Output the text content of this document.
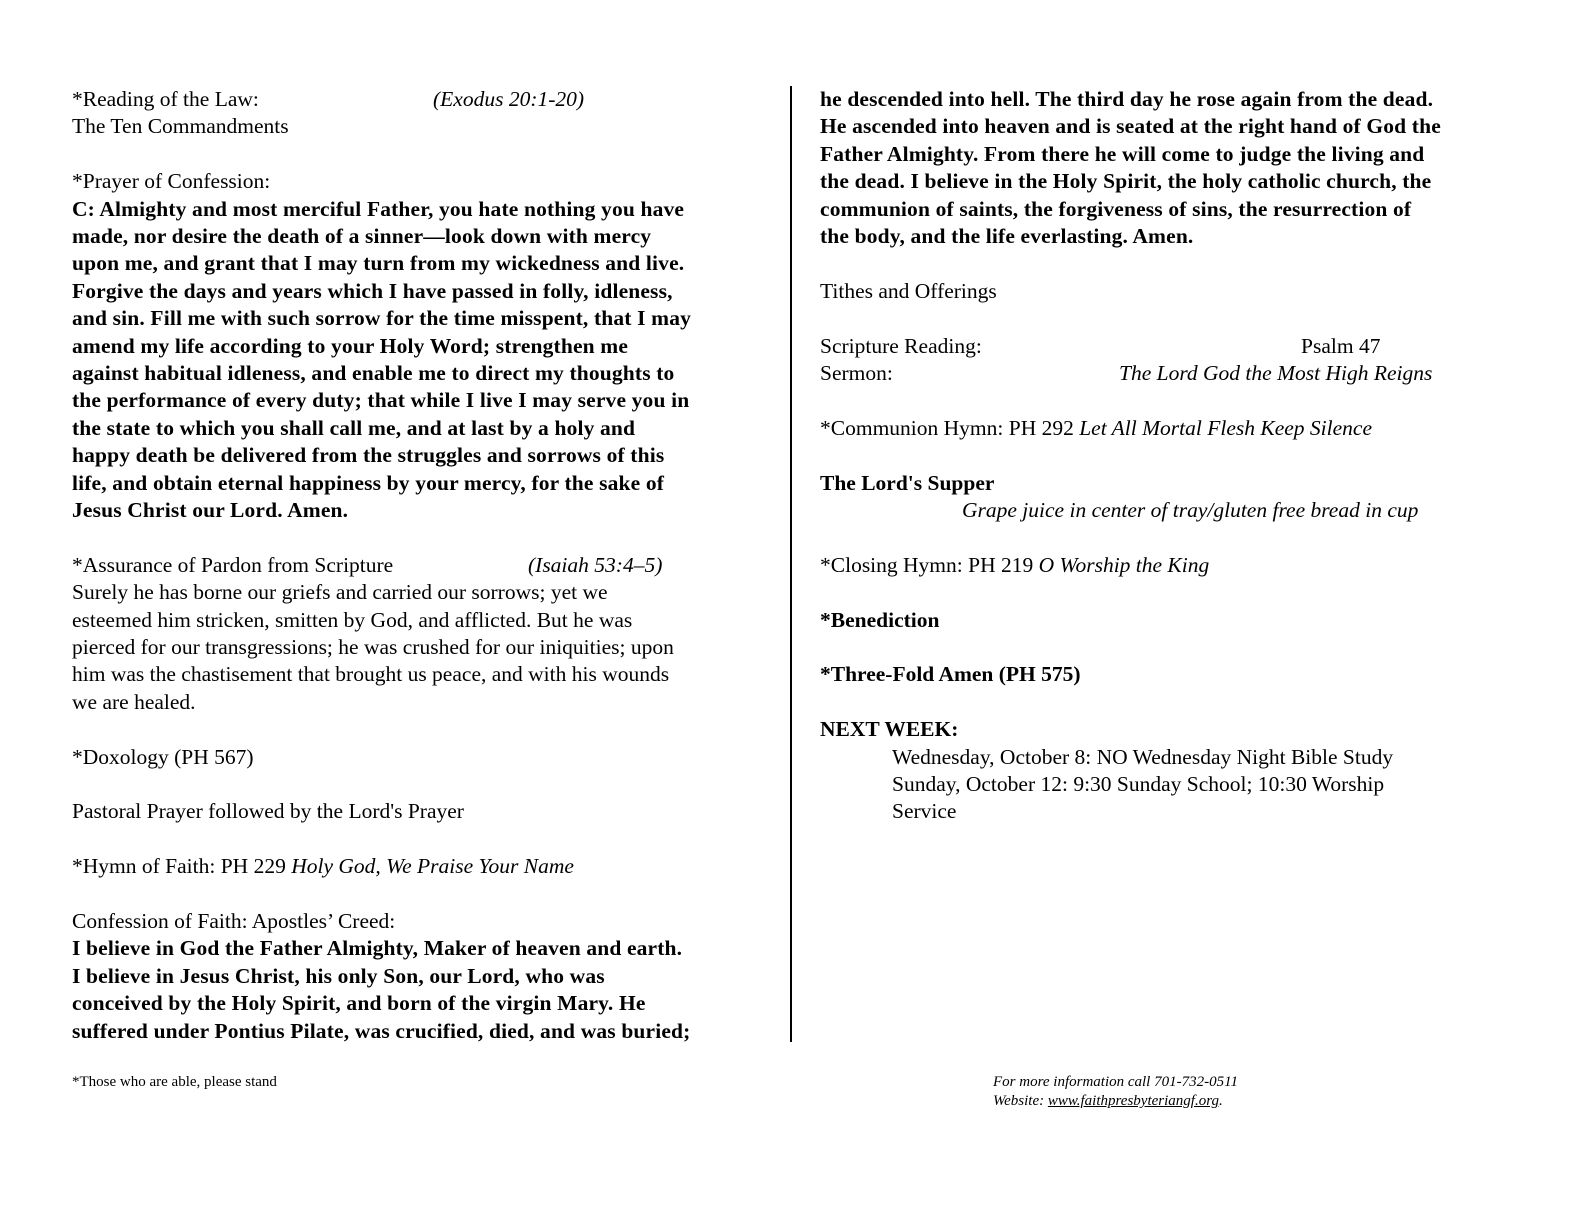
*Reading of the Law:	(Exodus 20:1-20)
The Ten Commandments
*Prayer of Confession:
C: Almighty and most merciful Father, you hate nothing you have
made, nor desire the death of a sinner—look down with mercy
upon me, and grant that I may turn from my wickedness and live.
Forgive the days and years which I have passed in folly, idleness,
and sin. Fill me with such sorrow for the time misspent, that I may
amend my life according to your Holy Word; strengthen me
against habitual idleness, and enable me to direct my thoughts to
the performance of every duty; that while I live I may serve you in
the state to which you shall call me, and at last by a holy and
happy death be delivered from the struggles and sorrows of this
life, and obtain eternal happiness by your mercy, for the sake of
Jesus Christ our Lord. Amen.
*Assurance of Pardon from Scripture	(Isaiah 53:4–5)
Surely he has borne our griefs and carried our sorrows; yet we
esteemed him stricken, smitten by God, and afflicted. But he was
pierced for our transgressions; he was crushed for our iniquities; upon
him was the chastisement that brought us peace, and with his wounds
we are healed.
*Doxology (PH 567)
Pastoral Prayer followed by the Lord's Prayer
*Hymn of Faith: PH 229 Holy God, We Praise Your Name
Confession of Faith: Apostles’ Creed:
I believe in God the Father Almighty, Maker of heaven and earth.
I believe in Jesus Christ, his only Son, our Lord, who was
conceived by the Holy Spirit, and born of the virgin Mary. He
suffered under Pontius Pilate, was crucified, died, and was buried;
he descended into hell. The third day he rose again from the dead.
He ascended into heaven and is seated at the right hand of God the
Father Almighty. From there he will come to judge the living and
the dead. I believe in the Holy Spirit, the holy catholic church, the
communion of saints, the forgiveness of sins, the resurrection of
the body, and the life everlasting. Amen.
Tithes and Offerings
Scripture Reading:	Psalm 47
Sermon:	The Lord God the Most High Reigns
*Communion Hymn: PH 292 Let All Mortal Flesh Keep Silence
The Lord's Supper
Grape juice in center of tray/gluten free bread in cup
*Closing Hymn: PH 219 O Worship the King
*Benediction
*Three-Fold Amen (PH 575)
NEXT WEEK:
Wednesday, October 8: NO Wednesday Night Bible Study
Sunday, October 12: 9:30 Sunday School; 10:30 Worship
Service
*Those who are able, please stand	For more information call 701-732-0511
Website: www.faithpresbyteriangf.org.
